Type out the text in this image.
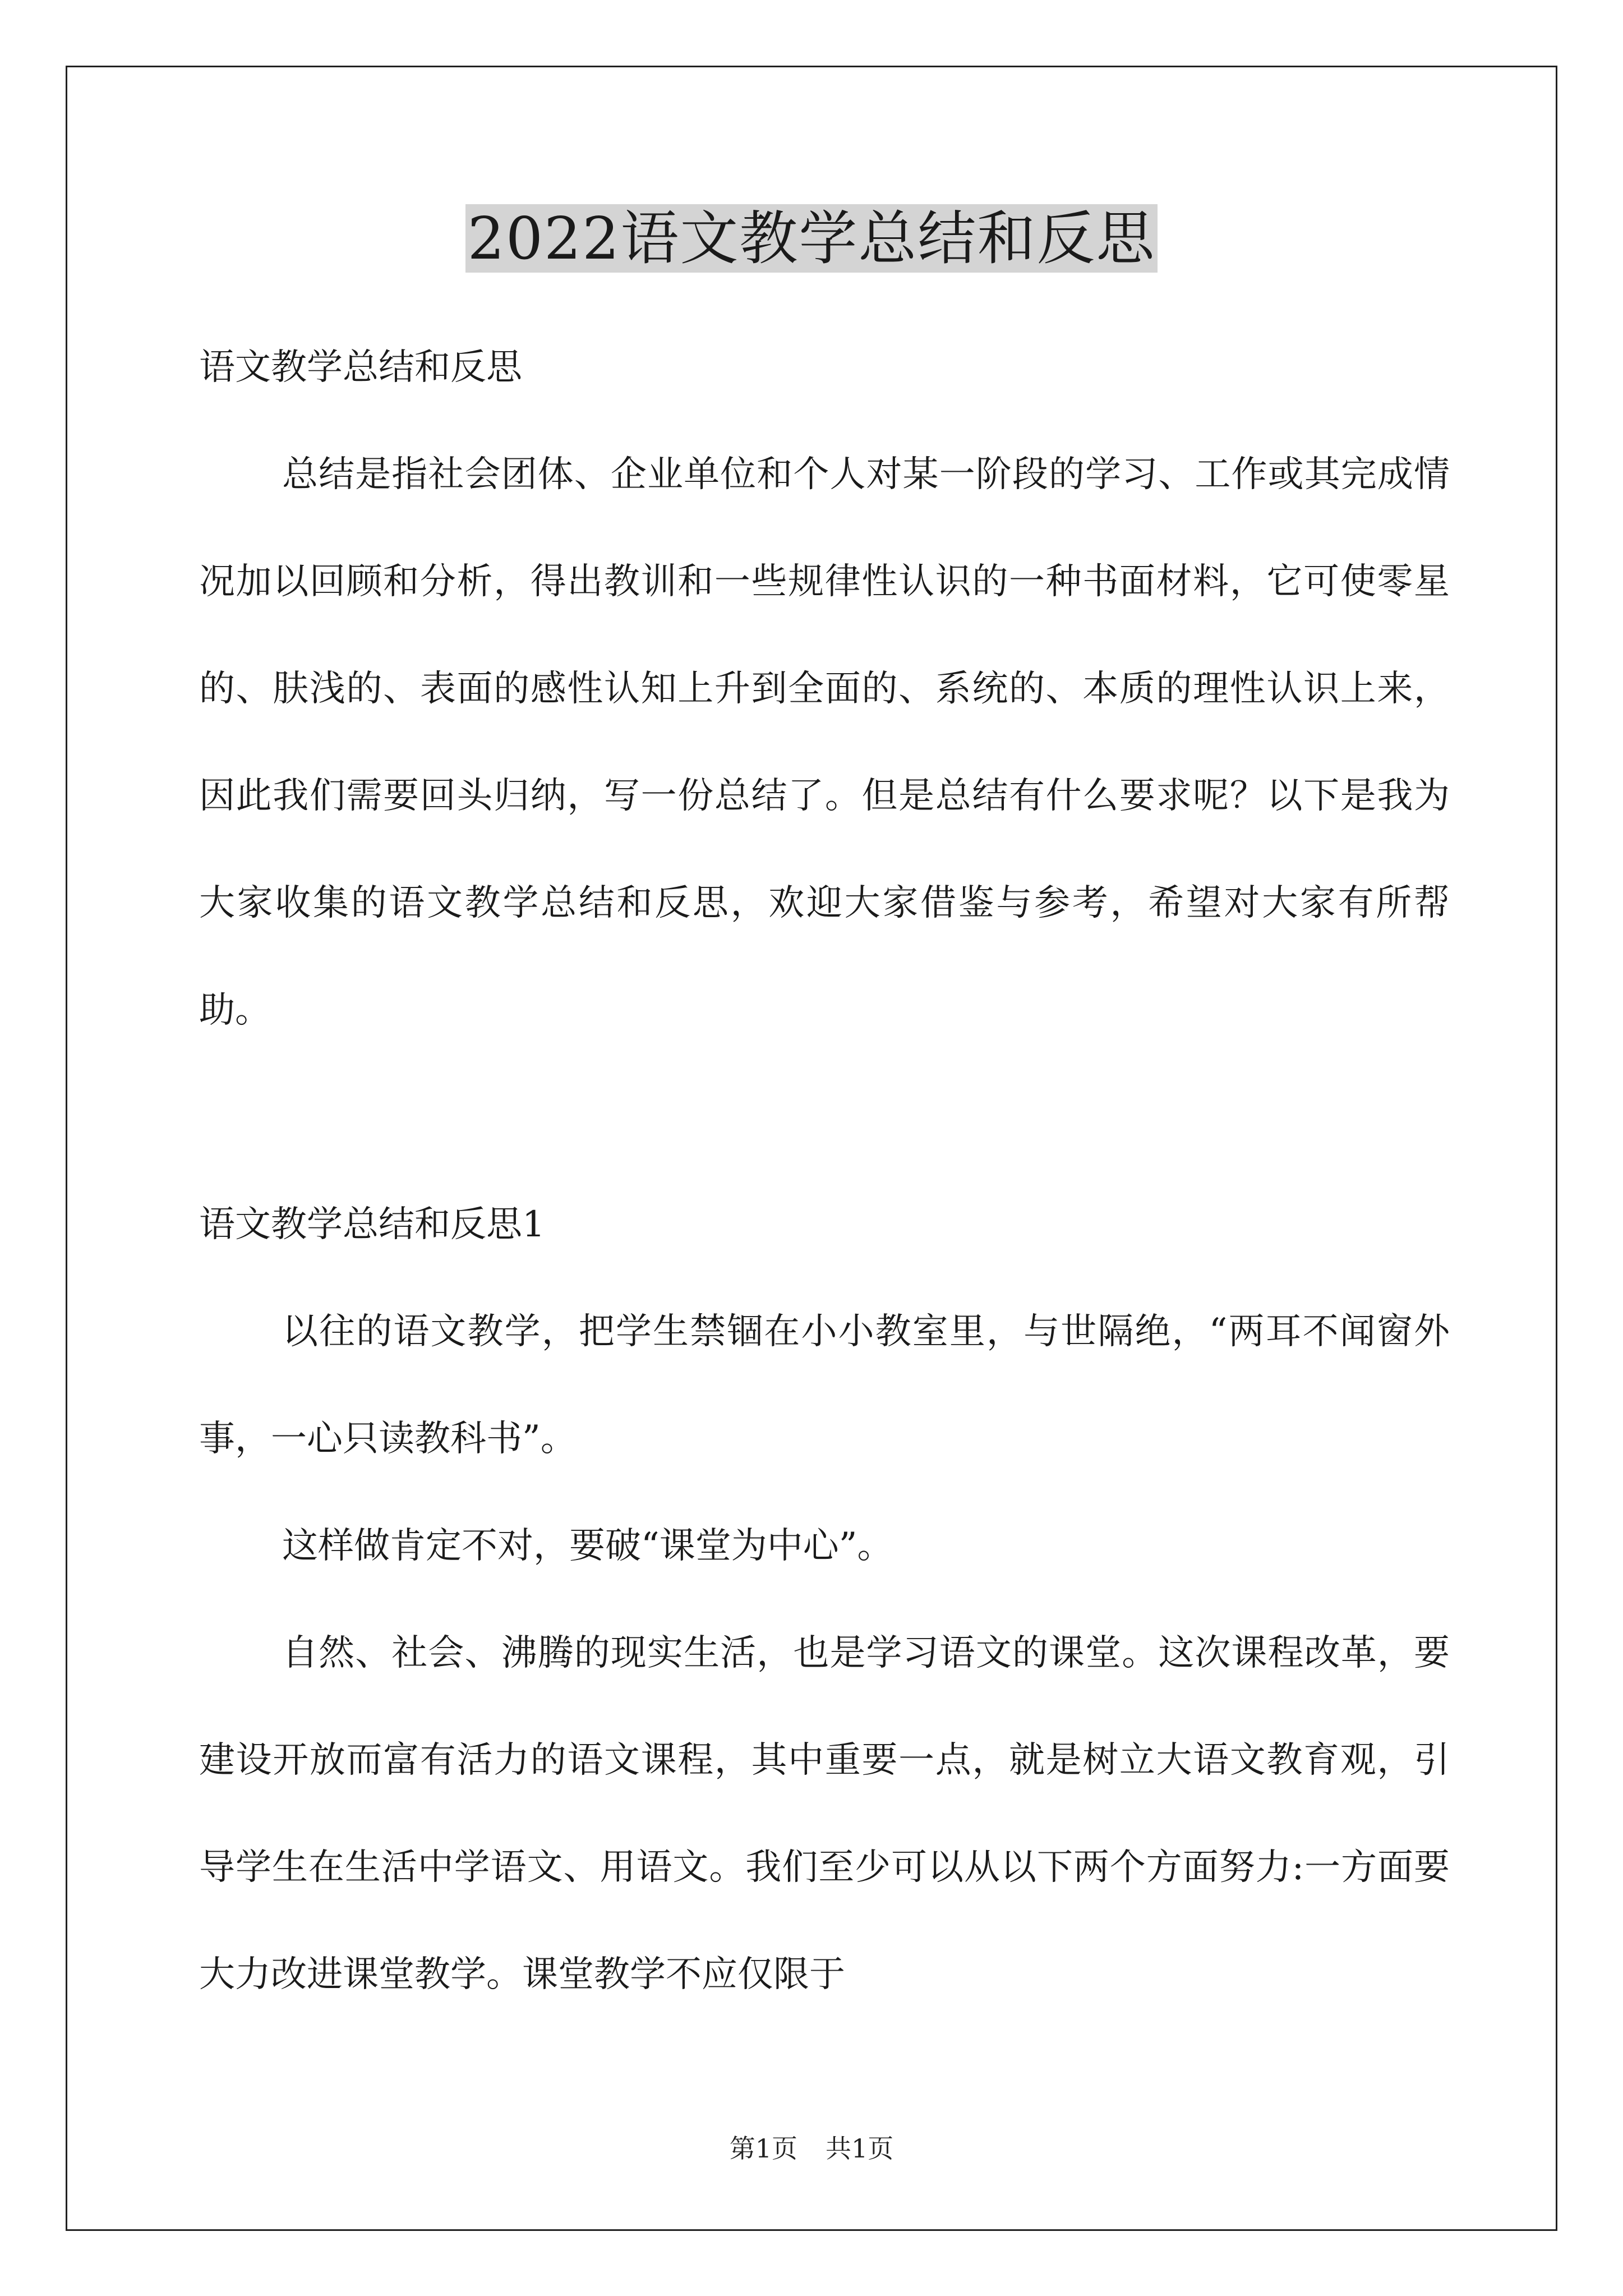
2022语文教学总结和反思

语文教学总结和反思

总结是指社会团体、企业单位和个人对某一阶段的学习、工作或其完成情况加以回顾和分析，得出教训和一些规律性认识的一种书面材料，它可使零星的、肤浅的、表面的感性认知上升到全面的、系统的、本质的理性认识上来，因此我们需要回头归纳，写一份总结了。但是总结有什么要求呢？以下是我为大家收集的语文教学总结和反思，欢迎大家借鉴与参考，希望对大家有所帮助。

语文教学总结和反思1

以往的语文教学，把学生禁锢在小小教室里，与世隔绝，“两耳不闻窗外事，一心只读教科书”。

这样做肯定不对，要破“课堂为中心”。

自然、社会、沸腾的现实生活，也是学习语文的课堂。这次课程改革，要建设开放而富有活力的语文课程，其中重要一点，就是树立大语文教育观，引导学生在生活中学语文、用语文。我们至少可以从以下两个方面努力:一方面要大力改进课堂教学。课堂教学不应仅限于

第1页 共1页
